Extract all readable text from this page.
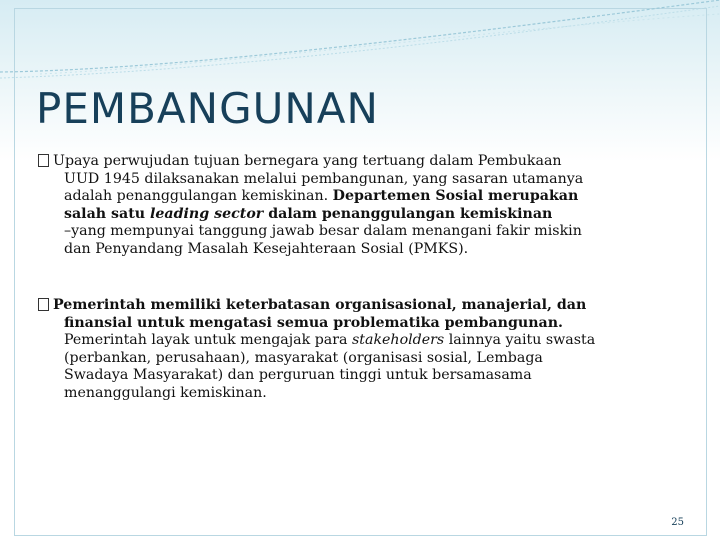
PEMBANGUNAN
Upaya perwujudan tujuan bernegara yang tertuang dalam Pembukaan
UUD 1945 dilaksanakan melalui pembangunan, yang sasaran utamanya
adalah penanggulangan kemiskinan. Departemen Sosial merupakan
salah satu leading sector dalam penanggulangan kemiskinan
–yang mempunyai tanggung jawab besar dalam menangani fakir miskin
dan Penyandang Masalah Kesejahteraan Sosial (PMKS).
Pemerintah memiliki keterbatasan organisasional, manajerial, dan
finansial untuk mengatasi semua problematika pembangunan.
Pemerintah layak untuk mengajak para stakeholders lainnya yaitu swasta
(perbankan, perusahaan), masyarakat (organisasi sosial, Lembaga
Swadaya Masyarakat) dan perguruan tinggi untuk bersamasama
menanggulangi kemiskinan.
25
